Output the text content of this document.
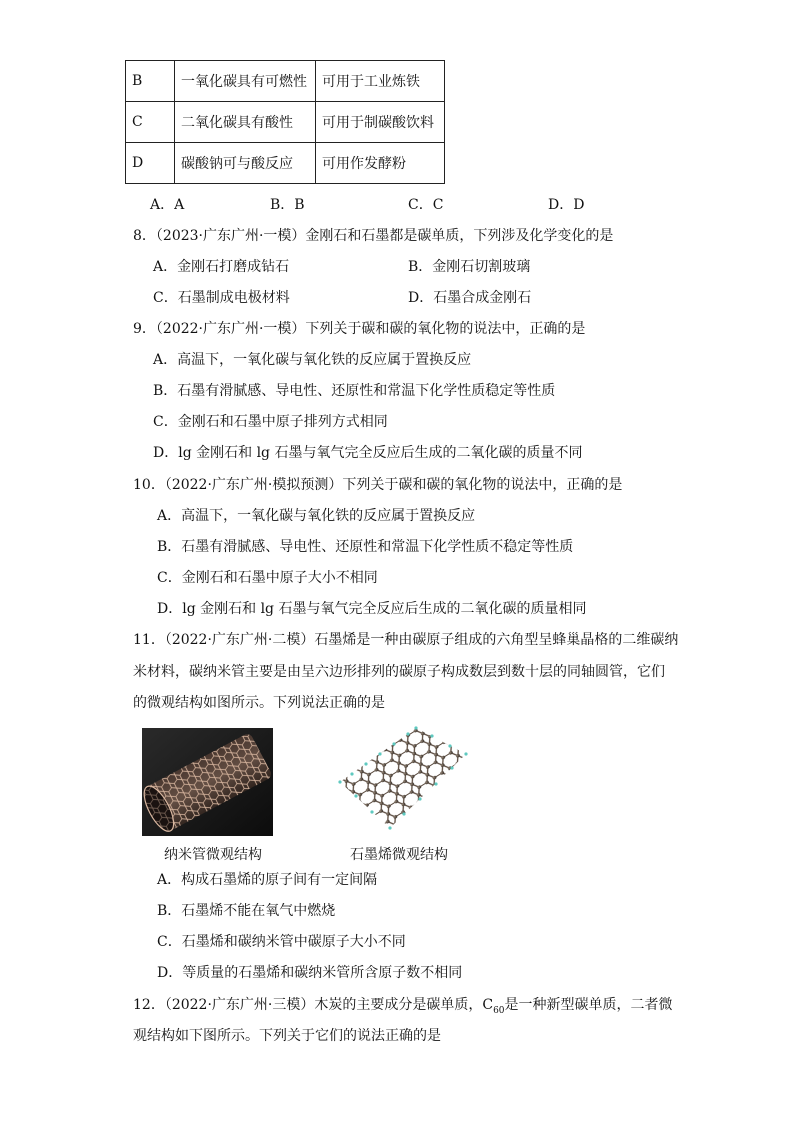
B	一氧化碳具有可燃性	可用于工业炼铁
C	二氧化碳具有酸性	可用于制碳酸饮料
D	碳酸钠可与酸反应	可用作发酵粉
A．A	B．B	C．C	D．D
8．（2023·广东广州·一模）金刚石和石墨都是碳单质，下列涉及化学变化的是
A．金刚石打磨成钻石	B．金刚石切割玻璃
C．石墨制成电极材料	D．石墨合成金刚石
9．（2022·广东广州·一模）下列关于碳和碳的氧化物的说法中，正确的是
A．高温下，一氧化碳与氧化铁的反应属于置换反应
B．石墨有滑腻感、导电性、还原性和常温下化学性质稳定等性质
C．金刚石和石墨中原子排列方式相同
D．lg 金刚石和 lg 石墨与氧气完全反应后生成的二氧化碳的质量不同
10．（2022·广东广州·模拟预测）下列关于碳和碳的氧化物的说法中，正确的是
A．高温下，一氧化碳与氧化铁的反应属于置换反应
B．石墨有滑腻感、导电性、还原性和常温下化学性质不稳定等性质
C．金刚石和石墨中原子大小不相同
D．lg 金刚石和 lg 石墨与氧气完全反应后生成的二氧化碳的质量相同
11．（2022·广东广州·二模）石墨烯是一种由碳原子组成的六角型呈蜂巢晶格的二维碳纳
米材料，碳纳米管主要是由呈六边形排列的碳原子构成数层到数十层的同轴圆管，它们
的微观结构如图所示。下列说法正确的是
纳米管微观结构	石墨烯微观结构
A．构成石墨烯的原子间有一定间隔
B．石墨烯不能在氧气中燃烧
C．石墨烯和碳纳米管中碳原子大小不同
D．等质量的石墨烯和碳纳米管所含原子数不相同
12．（2022·广东广州·三模）木炭的主要成分是碳单质，$C_{60}$是一种新型碳单质，二者微
观结构如下图所示。下列关于它们的说法正确的是
